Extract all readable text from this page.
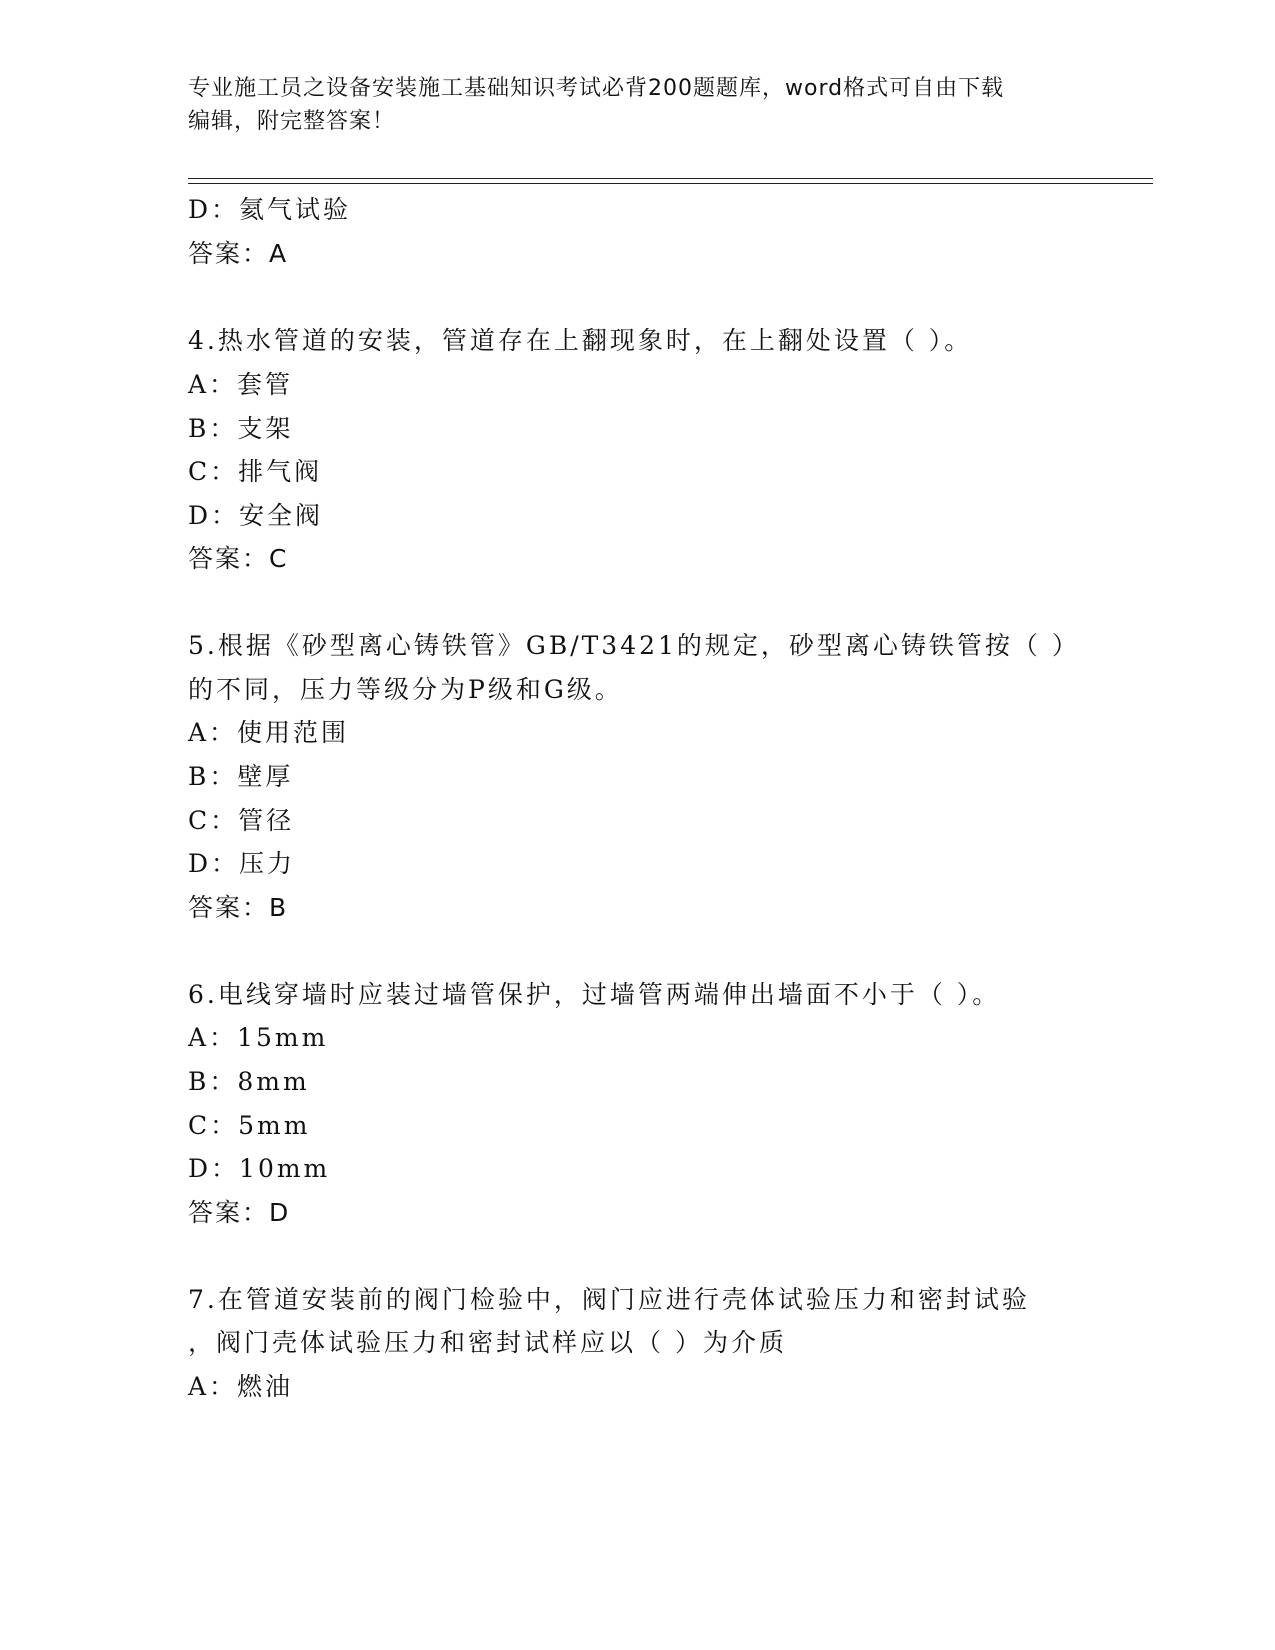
专业施工员之设备安装施工基础知识考试必背200题题库，word格式可自由下载
编辑，附完整答案！
D：氦气试验
答案：A
4.热水管道的安装，管道存在上翻现象时，在上翻处设置（ ）。
A：套管
B：支架
C：排气阀
D：安全阀
答案：C
5.根据《砂型离心铸铁管》GB/T3421的规定，砂型离心铸铁管按（ ）
的不同，压力等级分为P级和G级。
A：使用范围
B：壁厚
C：管径
D：压力
答案：B
6.电线穿墙时应装过墙管保护，过墙管两端伸出墙面不小于（ ）。
A：15mm
B：8mm
C：5mm
D：10mm
答案：D
7.在管道安装前的阀门检验中，阀门应进行壳体试验压力和密封试验
，阀门壳体试验压力和密封试样应以（ ）为介质
A：燃油
